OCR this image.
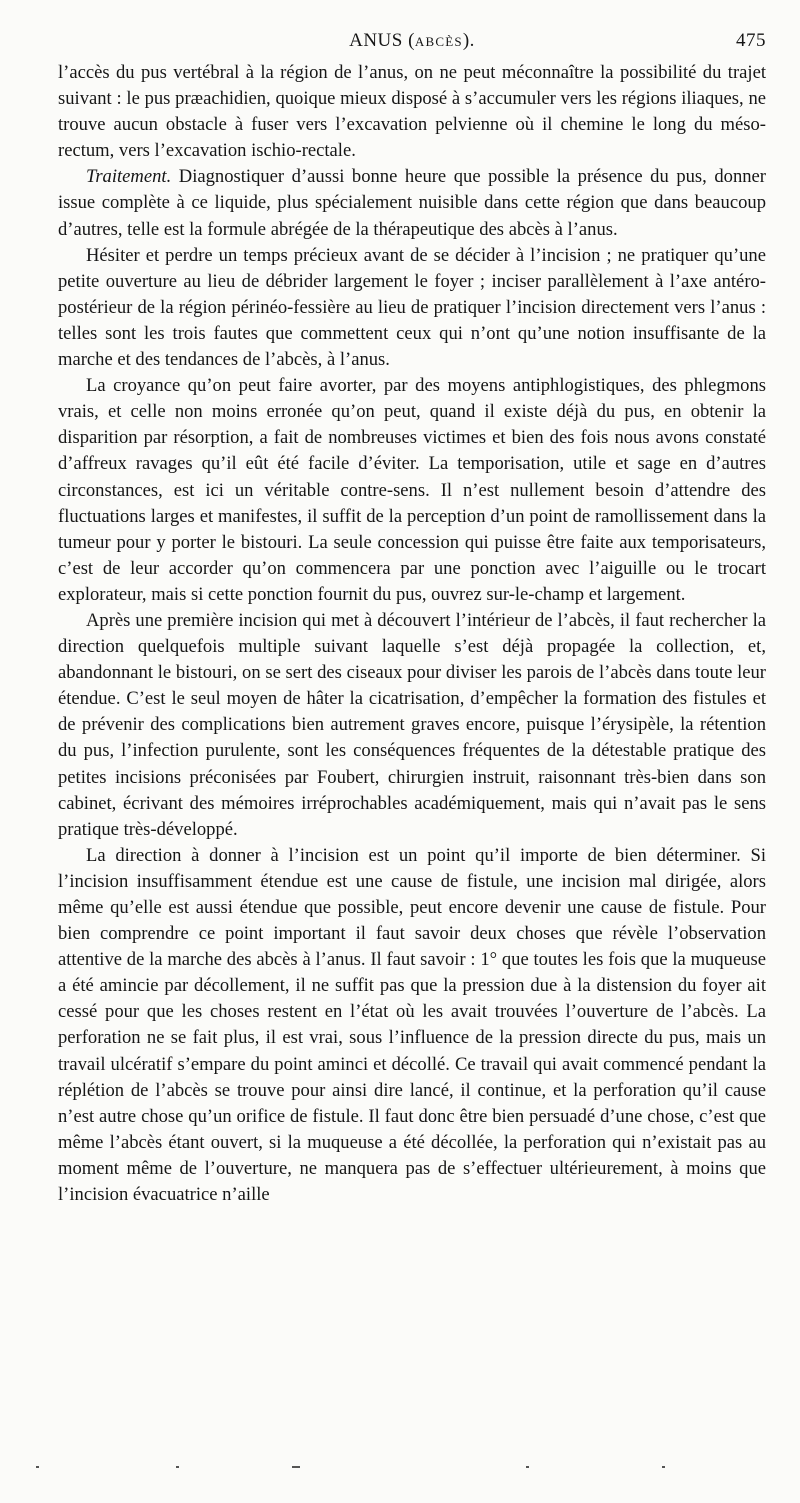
ANUS (ABCÈS).	475

l’accès du pus vertébral à la région de l’anus, on ne peut méconnaître la possibilité du trajet suivant : le pus præachidien, quoique mieux disposé à s’accumuler vers les régions iliaques, ne trouve aucun obstacle à fuser vers l’excavation pelvienne où il chemine le long du méso-rectum, vers l’excavation ischio-rectale.

Traitement. Diagnostiquer d’aussi bonne heure que possible la présence du pus, donner issue complète à ce liquide, plus spécialement nuisible dans cette région que dans beaucoup d’autres, telle est la formule abrégée de la thérapeutique des abcès à l’anus.

Hésiter et perdre un temps précieux avant de se décider à l’incision ; ne pratiquer qu’une petite ouverture au lieu de débrider largement le foyer ; inciser parallèlement à l’axe antéro-postérieur de la région périnéo-fessière au lieu de pratiquer l’incision directement vers l’anus : telles sont les trois fautes que commettent ceux qui n’ont qu’une notion insuffisante de la marche et des tendances de l’abcès, à l’anus.

La croyance qu’on peut faire avorter, par des moyens antiphlogistiques, des phlegmons vrais, et celle non moins erronée qu’on peut, quand il existe déjà du pus, en obtenir la disparition par résorption, a fait de nombreuses victimes et bien des fois nous avons constaté d’affreux ravages qu’il eût été facile d’éviter. La temporisation, utile et sage en d’autres circonstances, est ici un véritable contre-sens. Il n’est nullement besoin d’attendre des fluctuations larges et manifestes, il suffit de la perception d’un point de ramollissement dans la tumeur pour y porter le bistouri. La seule concession qui puisse être faite aux temporisateurs, c’est de leur accorder qu’on commencera par une ponction avec l’aiguille ou le trocart explorateur, mais si cette ponction fournit du pus, ouvrez sur-le-champ et largement.

Après une première incision qui met à découvert l’intérieur de l’abcès, il faut rechercher la direction quelquefois multiple suivant laquelle s’est déjà propagée la collection, et, abandonnant le bistouri, on se sert des ciseaux pour diviser les parois de l’abcès dans toute leur étendue. C’est le seul moyen de hâter la cicatrisation, d’empêcher la formation des fistules et de prévenir des complications bien autrement graves encore, puisque l’érysipèle, la rétention du pus, l’infection purulente, sont les conséquences fréquentes de la détestable pratique des petites incisions préconisées par Foubert, chirurgien instruit, raisonnant très-bien dans son cabinet, écrivant des mémoires irréprochables académiquement, mais qui n’avait pas le sens pratique très-développé.

La direction à donner à l’incision est un point qu’il importe de bien déterminer. Si l’incision insuffisamment étendue est une cause de fistule, une incision mal dirigée, alors même qu’elle est aussi étendue que possible, peut encore devenir une cause de fistule. Pour bien comprendre ce point important il faut savoir deux choses que révèle l’observation attentive de la marche des abcès à l’anus. Il faut savoir : 1° que toutes les fois que la muqueuse a été amincie par décollement, il ne suffit pas que la pression due à la distension du foyer ait cessé pour que les choses restent en l’état où les avait trouvées l’ouverture de l’abcès. La perforation ne se fait plus, il est vrai, sous l’influence de la pression directe du pus, mais un travail ulcératif s’empare du point aminci et décollé. Ce travail qui avait commencé pendant la réplétion de l’abcès se trouve pour ainsi dire lancé, il continue, et la perforation qu’il cause n’est autre chose qu’un orifice de fistule. Il faut donc être bien persuadé d’une chose, c’est que même l’abcès étant ouvert, si la muqueuse a été décollée, la perforation qui n’existait pas au moment même de l’ouverture, ne manquera pas de s’effectuer ultérieurement, à moins que l’incision évacuatrice n’aille
